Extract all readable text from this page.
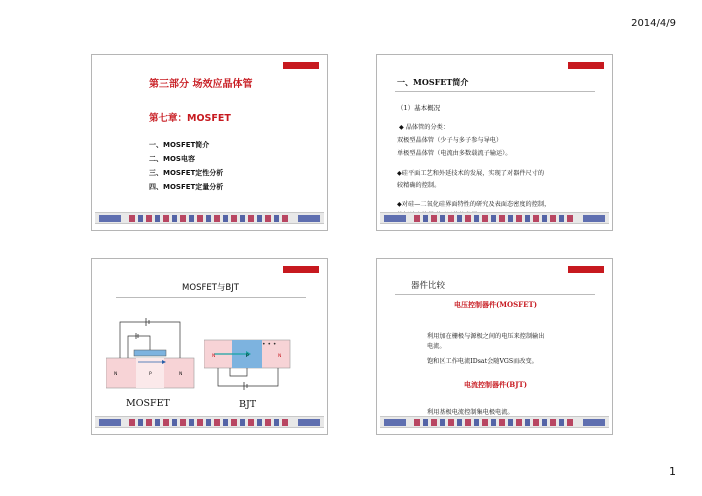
2014/4/9
第三部分 场效应晶体管
第七章：MOSFET
一、MOSFET简介
二、MOS电容
三、MOSFET定性分析
四、MOSFET定量分析
一、MOSFET简介
（1）基本概况
◆ 晶体管的分类：
双极型晶体管（少子与多子参与导电）
单极型晶体管（电流由多数载流子输运）。
◆硅平面工艺和外延技术的发展，实现了对器件尺寸的
较精确的控制。
◆对硅—二氧化硅界面特性的研究及表面态密度的控制，
MOSFET与BJT
N	P	N
MOSFET
• • •
N	P	N
BJT
器件比较
电压控制器件(MOSFET)
利用加在栅极与源极之间的电压来控制输出
电流。
饱和区工作电流IDsat会随VGS而改变。
电流控制器件(BJT)
利用基极电流控制集电极电流。
1
